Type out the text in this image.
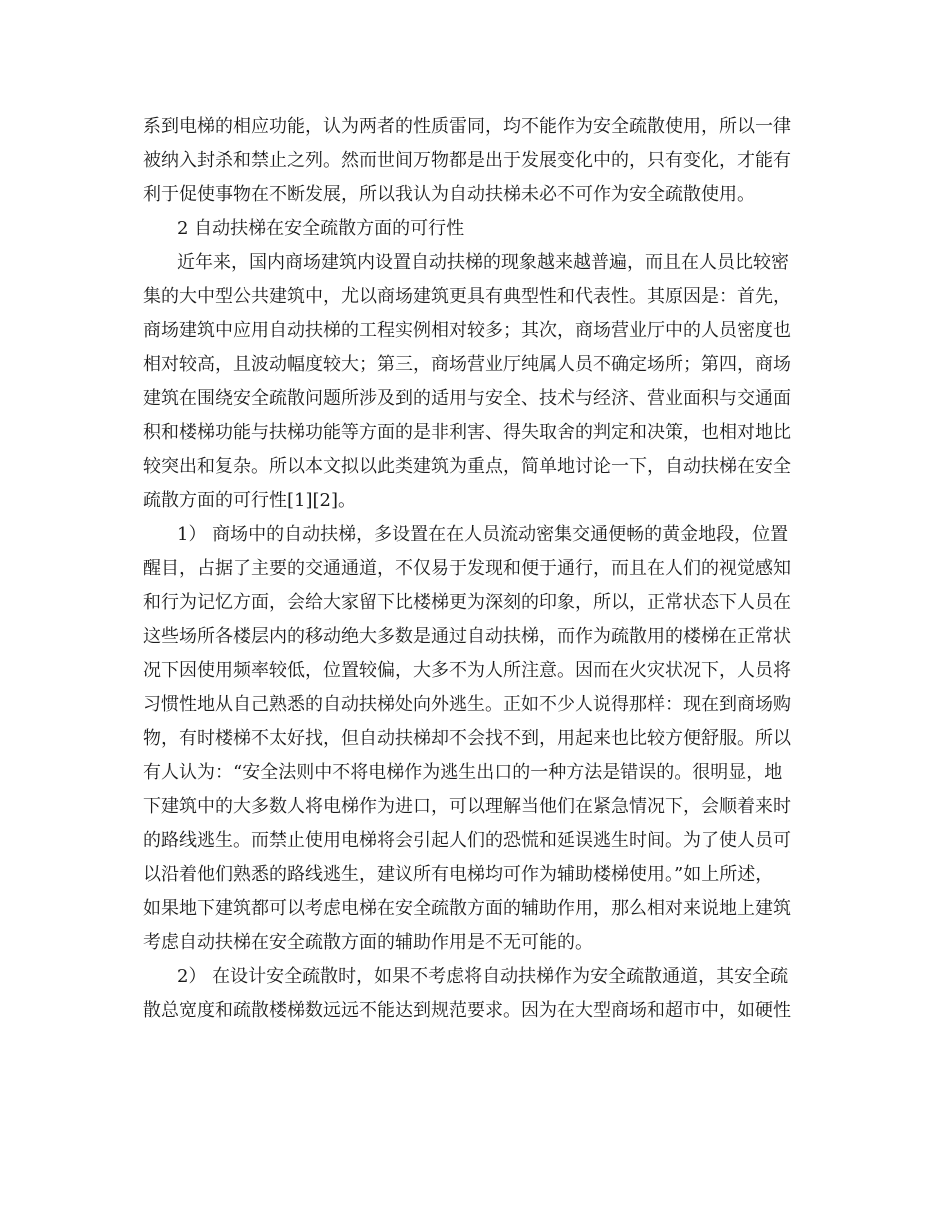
系到电梯的相应功能，认为两者的性质雷同，均不能作为安全疏散使用，所以一律
被纳入封杀和禁止之列。然而世间万物都是出于发展变化中的，只有变化，才能有
利于促使事物在不断发展，所以我认为自动扶梯未必不可作为安全疏散使用。
2 自动扶梯在安全疏散方面的可行性
近年来，国内商场建筑内设置自动扶梯的现象越来越普遍，而且在人员比较密
集的大中型公共建筑中，尤以商场建筑更具有典型性和代表性。其原因是：首先，
商场建筑中应用自动扶梯的工程实例相对较多；其次，商场营业厅中的人员密度也
相对较高，且波动幅度较大；第三，商场营业厅纯属人员不确定场所；第四，商场
建筑在围绕安全疏散问题所涉及到的适用与安全、技术与经济、营业面积与交通面
积和楼梯功能与扶梯功能等方面的是非利害、得失取舍的判定和决策，也相对地比
较突出和复杂。所以本文拟以此类建筑为重点，简单地讨论一下，自动扶梯在安全
疏散方面的可行性[1][2]。
1） 商场中的自动扶梯，多设置在在人员流动密集交通便畅的黄金地段，位置
醒目，占据了主要的交通通道，不仅易于发现和便于通行，而且在人们的视觉感知
和行为记忆方面，会给大家留下比楼梯更为深刻的印象，所以，正常状态下人员在
这些场所各楼层内的移动绝大多数是通过自动扶梯，而作为疏散用的楼梯在正常状
况下因使用频率较低，位置较偏，大多不为人所注意。因而在火灾状况下，人员将
习惯性地从自己熟悉的自动扶梯处向外逃生。正如不少人说得那样：现在到商场购
物，有时楼梯不太好找，但自动扶梯却不会找不到，用起来也比较方便舒服。所以
有人认为：“安全法则中不将电梯作为逃生出口的一种方法是错误的。很明显，地
下建筑中的大多数人将电梯作为进口，可以理解当他们在紧急情况下，会顺着来时
的路线逃生。而禁止使用电梯将会引起人们的恐慌和延误逃生时间。为了使人员可
以沿着他们熟悉的路线逃生，建议所有电梯均可作为辅助楼梯使用。”如上所述，
如果地下建筑都可以考虑电梯在安全疏散方面的辅助作用，那么相对来说地上建筑
考虑自动扶梯在安全疏散方面的辅助作用是不无可能的。
2） 在设计安全疏散时，如果不考虑将自动扶梯作为安全疏散通道，其安全疏
散总宽度和疏散楼梯数远远不能达到规范要求。因为在大型商场和超市中，如硬性
